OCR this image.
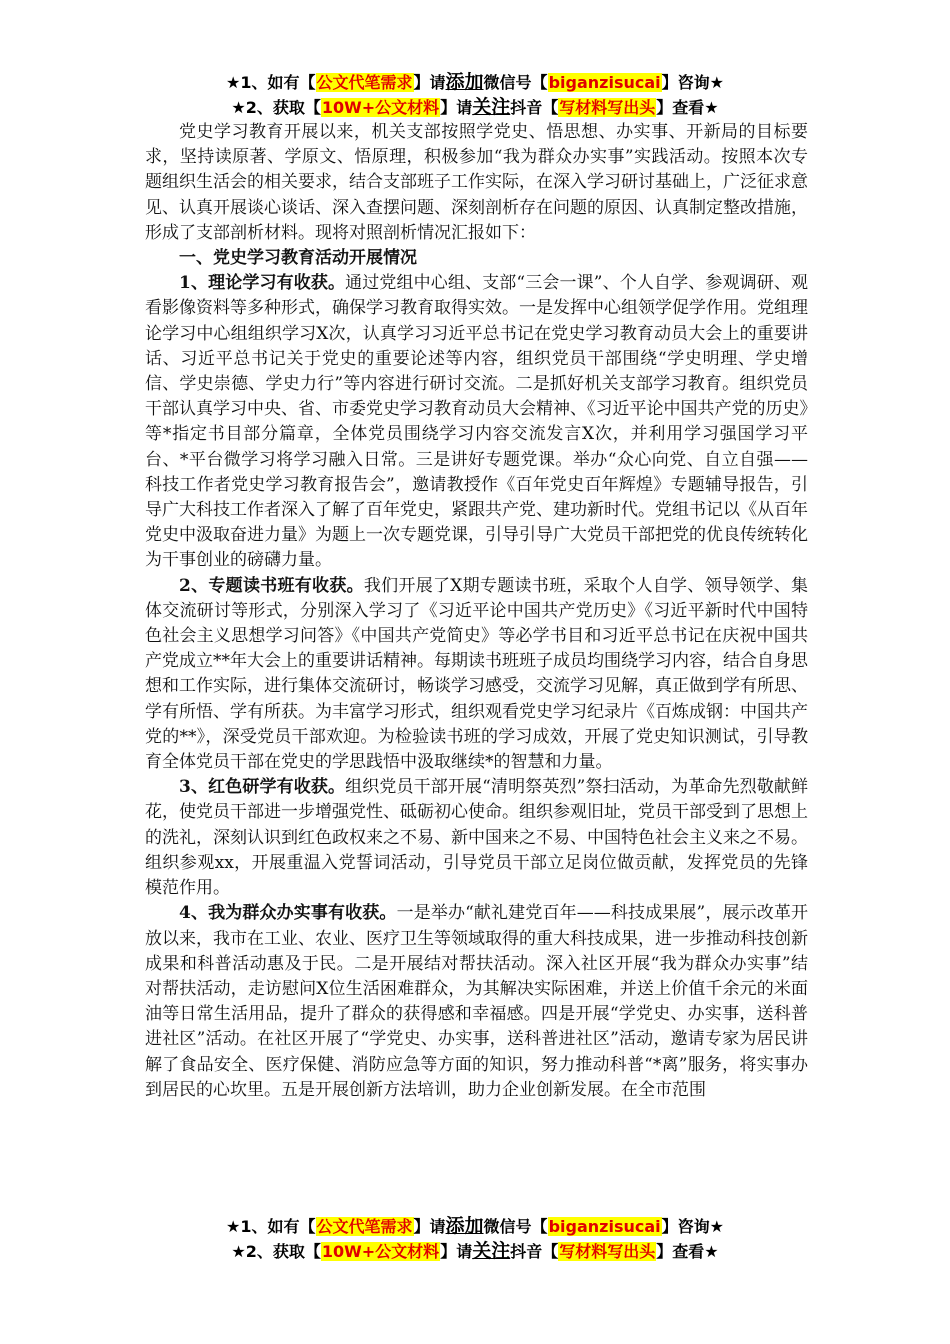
★1、如有【公文代笔需求】请添加微信号【biganzisucai】咨询★
★2、获取【10W+公文材料】请关注抖音【写材料写出头】查看★

党史学习教育开展以来，机关支部按照学党史、悟思想、办实事、开新局的目标要求，坚持读原著、学原文、悟原理，积极参加“我为群众办实事”实践活动。按照本次专题组织生活会的相关要求，结合支部班子工作实际，在深入学习研讨基础上，广泛征求意见、认真开展谈心谈话、深入查摆问题、深刻剖析存在问题的原因、认真制定整改措施，形成了支部剖析材料。现将对照剖析情况汇报如下：

一、党史学习教育活动开展情况

1、理论学习有收获。通过党组中心组、支部“三会一课”、个人自学、参观调研、观看影像资料等多种形式，确保学习教育取得实效。一是发挥中心组领学促学作用。党组理论学习中心组组织学习X次，认真学习习近平总书记在党史学习教育动员大会上的重要讲话、习近平总书记关于党史的重要论述等内容，组织党员干部围绕“学史明理、学史增信、学史崇德、学史力行”等内容进行研讨交流。二是抓好机关支部学习教育。组织党员干部认真学习中央、省、市委党史学习教育动员大会精神、《习近平论中国共产党的历史》等*指定书目部分篇章，全体党员围绕学习内容交流发言X次，并利用学习强国学习平台、*平台微学习将学习融入日常。三是讲好专题党课。举办“众心向党、自立自强——科技工作者党史学习教育报告会”，邀请教授作《百年党史百年辉煌》专题辅导报告，引导广大科技工作者深入了解了百年党史，紧跟共产党、建功新时代。党组书记以《从百年党史中汲取奋进力量》为题上一次专题党课，引导引导广大党员干部把党的优良传统转化为干事创业的磅礴力量。

2、专题读书班有收获。我们开展了X期专题读书班，采取个人自学、领导领学、集体交流研讨等形式，分别深入学习了《习近平论中国共产党历史》《习近平新时代中国特色社会主义思想学习问答》《中国共产党简史》等必学书目和习近平总书记在庆祝中国共产党成立**年大会上的重要讲话精神。每期读书班班子成员均围绕学习内容，结合自身思想和工作实际，进行集体交流研讨，畅谈学习感受，交流学习见解，真正做到学有所思、学有所悟、学有所获。为丰富学习形式，组织观看党史学习纪录片《百炼成钢：中国共产党的**》，深受党员干部欢迎。为检验读书班的学习成效，开展了党史知识测试，引导教育全体党员干部在党史的学思践悟中汲取继续*的智慧和力量。

3、红色研学有收获。组织党员干部开展“清明祭英烈”祭扫活动，为革命先烈敬献鲜花，使党员干部进一步增强党性、砥砺初心使命。组织参观旧址，党员干部受到了思想上的洗礼，深刻认识到红色政权来之不易、新中国来之不易、中国特色社会主义来之不易。组织参观xx，开展重温入党誓词活动，引导党员干部立足岗位做贡献，发挥党员的先锋模范作用。

4、我为群众办实事有收获。一是举办“献礼建党百年——科技成果展”，展示改革开放以来，我市在工业、农业、医疗卫生等领域取得的重大科技成果，进一步推动科技创新成果和科普活动惠及于民。二是开展结对帮扶活动。深入社区开展“我为群众办实事”结对帮扶活动，走访慰问X位生活困难群众，为其解决实际困难，并送上价值千余元的米面油等日常生活用品，提升了群众的获得感和幸福感。四是开展“学党史、办实事，送科普进社区”活动。在社区开展了“学党史、办实事，送科普进社区”活动，邀请专家为居民讲解了食品安全、医疗保健、消防应急等方面的知识，努力推动科普“*离”服务，将实事办到居民的心坎里。五是开展创新方法培训，助力企业创新发展。在全市范围

★1、如有【公文代笔需求】请添加微信号【biganzisucai】咨询★
★2、获取【10W+公文材料】请关注抖音【写材料写出头】查看★
